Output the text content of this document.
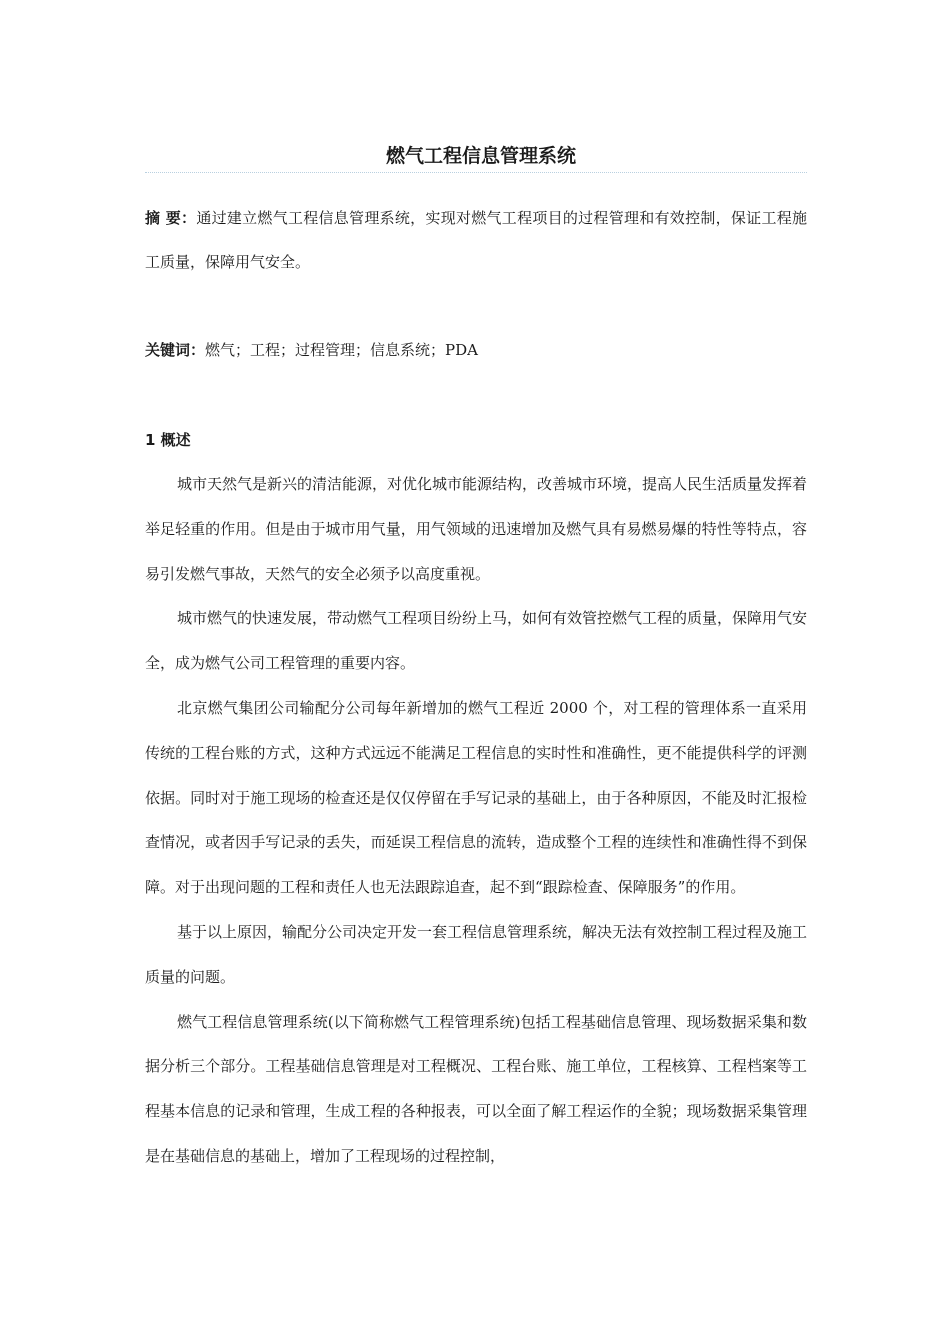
燃气工程信息管理系统

摘 要：通过建立燃气工程信息管理系统，实现对燃气工程项目的过程管理和有效控制，保证工程施工质量，保障用气安全。

关键词：燃气；工程；过程管理；信息系统；PDA

1 概述

城市天然气是新兴的清洁能源，对优化城市能源结构，改善城市环境，提高人民生活质量发挥着举足轻重的作用。但是由于城市用气量，用气领域的迅速增加及燃气具有易燃易爆的特性等特点，容易引发燃气事故，天然气的安全必须予以高度重视。

城市燃气的快速发展，带动燃气工程项目纷纷上马，如何有效管控燃气工程的质量，保障用气安全，成为燃气公司工程管理的重要内容。

北京燃气集团公司输配分公司每年新增加的燃气工程近 2000 个，对工程的管理体系一直采用传统的工程台账的方式，这种方式远远不能满足工程信息的实时性和准确性，更不能提供科学的评测依据。同时对于施工现场的检查还是仅仅停留在手写记录的基础上，由于各种原因，不能及时汇报检查情况，或者因手写记录的丢失，而延误工程信息的流转，造成整个工程的连续性和准确性得不到保障。对于出现问题的工程和责任人也无法跟踪追查，起不到“跟踪检查、保障服务”的作用。

基于以上原因，输配分公司决定开发一套工程信息管理系统，解决无法有效控制工程过程及施工质量的问题。

燃气工程信息管理系统(以下简称燃气工程管理系统)包括工程基础信息管理、现场数据采集和数据分析三个部分。工程基础信息管理是对工程概况、工程台账、施工单位，工程核算、工程档案等工程基本信息的记录和管理，生成工程的各种报表，可以全面了解工程运作的全貌；现场数据采集管理是在基础信息的基础上，增加了工程现场的过程控制，
